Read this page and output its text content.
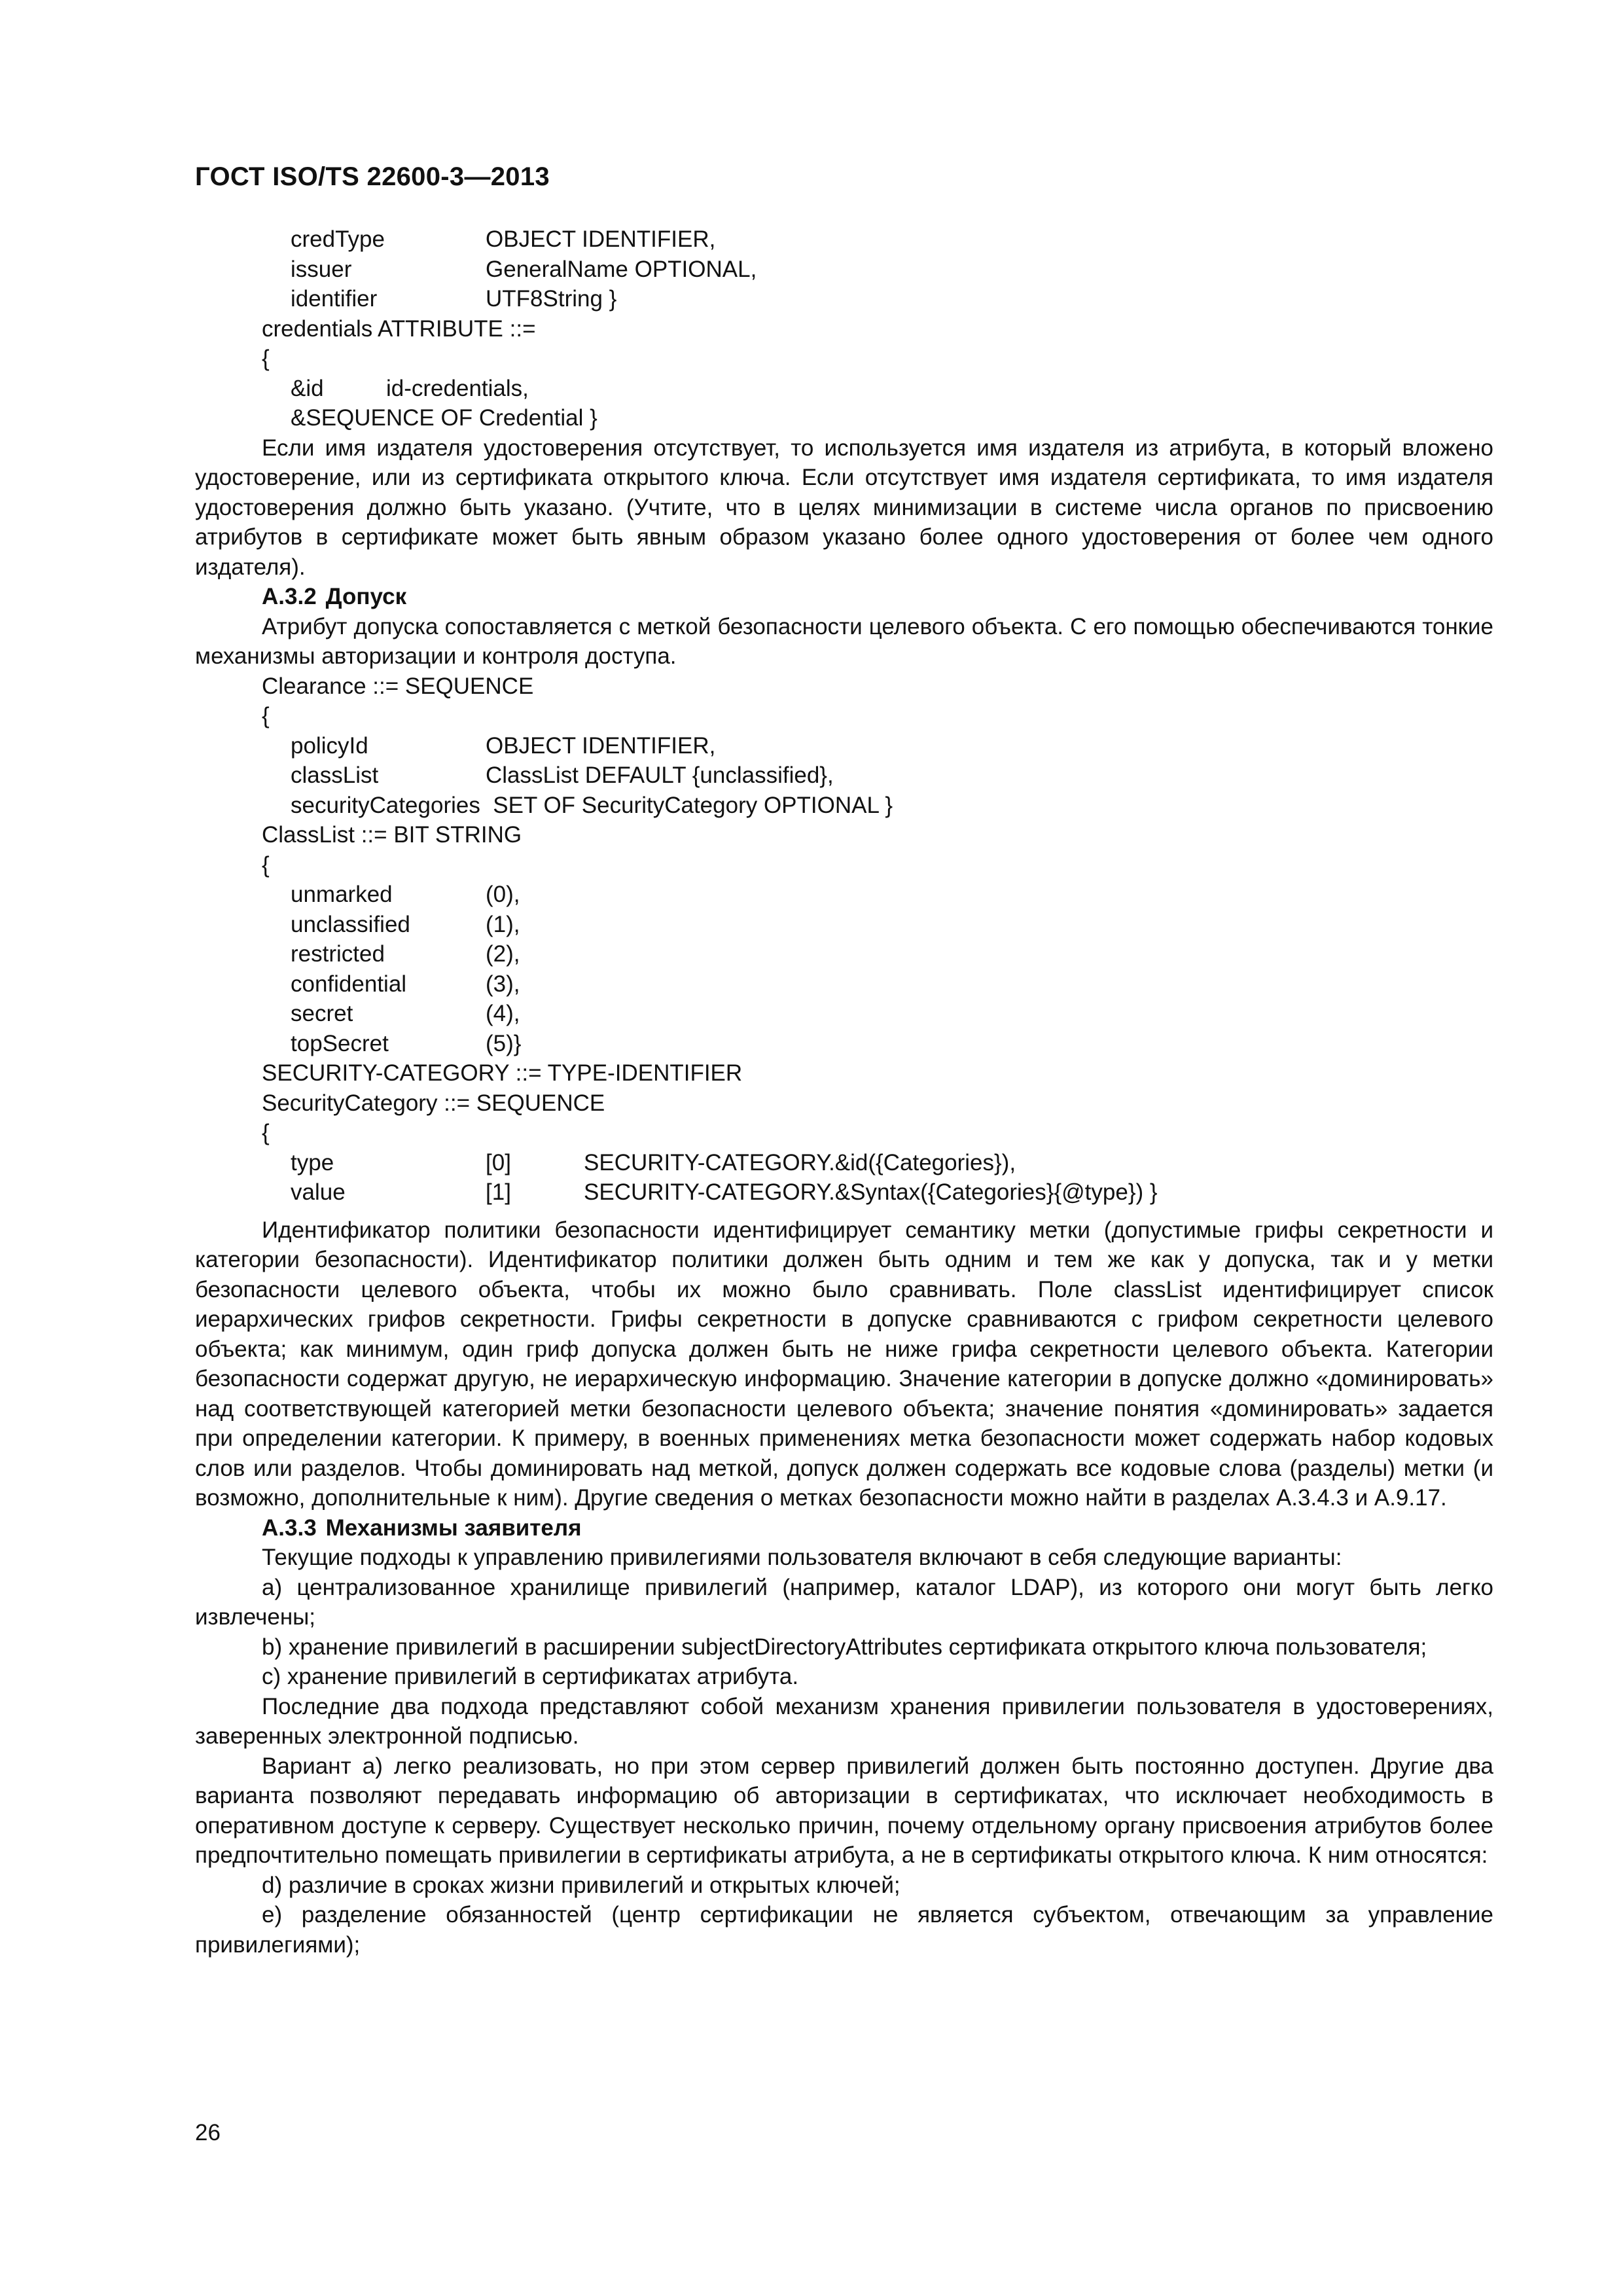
ГОСТ ISO/TS 22600-3—2013
credType	OBJECT IDENTIFIER,
issuer	GeneralName OPTIONAL,
identifier	UTF8String }
credentials ATTRIBUTE ::=
{
&id	id-credentials,
&SEQUENCE OF Credential }
Если имя издателя удостоверения отсутствует, то используется имя издателя из атрибута, в который вложено удостоверение, или из сертификата открытого ключа. Если отсутствует имя издателя сертификата, то имя издателя удостоверения должно быть указано. (Учтите, что в целях минимизации в системе числа органов по присвоению атрибутов в сертификате может быть явным образом указано более одного удостоверения от более чем одного издателя).
А.3.2 Допуск
Атрибут допуска сопоставляется с меткой безопасности целевого объекта. С его помощью обеспечиваются тонкие механизмы авторизации и контроля доступа.
Clearance ::= SEQUENCE
{
policyId	OBJECT IDENTIFIER,
classList	ClassList DEFAULT {unclassified},
securityCategories  SET OF SecurityCategory OPTIONAL }
ClassList ::= BIT STRING
{
unmarked	(0),
unclassified	(1),
restricted	(2),
confidential	(3),
secret	(4),
topSecret	(5)}
SECURITY-CATEGORY ::= TYPE-IDENTIFIER
SecurityCategory ::= SEQUENCE
{
type	[0]	SECURITY-CATEGORY.&id({Categories}),
value	[1]	SECURITY-CATEGORY.&Syntax({Categories}{@type}) }
Идентификатор политики безопасности идентифицирует семантику метки (допустимые грифы секретности и категории безопасности). Идентификатор политики должен быть одним и тем же как у допуска, так и у метки безопасности целевого объекта, чтобы их можно было сравнивать. Поле classList идентифицирует список иерархических грифов секретности. Грифы секретности в допуске сравниваются с грифом секретности целевого объекта; как минимум, один гриф допуска должен быть не ниже грифа секретности целевого объекта. Категории безопасности содержат другую, не иерархическую информацию. Значение категории в допуске должно «доминировать» над соответствующей категорией метки безопасности целевого объекта; значение понятия «доминировать» задается при определении категории. К примеру, в военных применениях метка безопасности может содержать набор кодовых слов или разделов. Чтобы доминировать над меткой, допуск должен содержать все кодовые слова (разделы) метки (и возможно, дополнительные к ним). Другие сведения о метках безопасности можно найти в разделах А.3.4.3 и А.9.17.
А.3.3 Механизмы заявителя
Текущие подходы к управлению привилегиями пользователя включают в себя следующие варианты:
a) централизованное хранилище привилегий (например, каталог LDAP), из которого они могут быть легко извлечены;
b) хранение привилегий в расширении subjectDirectoryAttributes сертификата открытого ключа пользователя;
c) хранение привилегий в сертификатах атрибута.
Последние два подхода представляют собой механизм хранения привилегии пользователя в удостоверениях, заверенных электронной подписью.
Вариант а) легко реализовать, но при этом сервер привилегий должен быть постоянно доступен. Другие два варианта позволяют передавать информацию об авторизации в сертификатах, что исключает необходимость в оперативном доступе к серверу. Существует несколько причин, почему отдельному органу присвоения атрибутов более предпочтительно помещать привилегии в сертификаты атрибута, а не в сертификаты открытого ключа. К ним относятся:
d) различие в сроках жизни привилегий и открытых ключей;
e) разделение обязанностей (центр сертификации не является субъектом, отвечающим за управление привилегиями);
26
